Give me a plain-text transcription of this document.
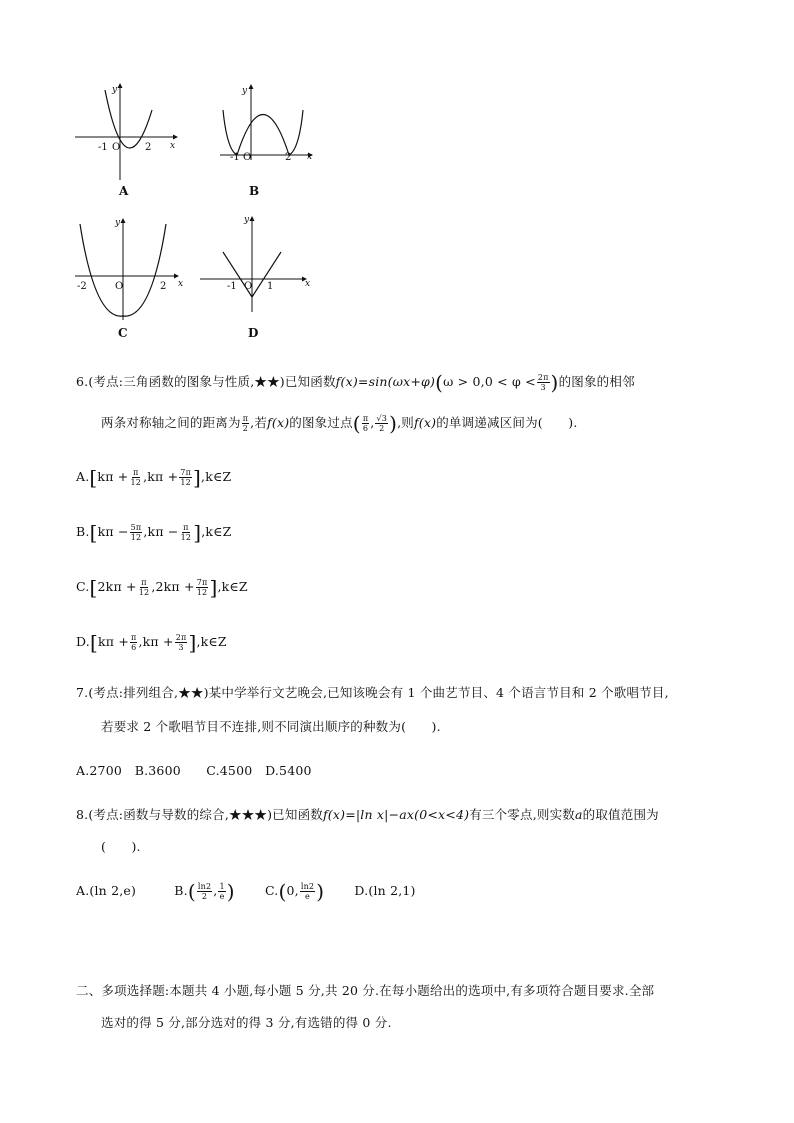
y
x
-1 O 2
A
y
x
-1 O	2
B
y
x
-2	O	2
C
y
x
-1 O 1
D
6.(考点:三角函数的图象与性质,★★)已知函数$f(x)=\sin(\omega x+\varphi)(\omega > 0,0 < \varphi < \frac{2\pi}{3}$ )的图象的相邻
两条对称轴之间的距离为 $\frac{\pi}{2}$ ,若f(x)的图象过点( $\frac{\pi}{6}$ , $\frac{√3}{2}$ ),则f(x)的单调递减区间为(　　).
$A.[k\pi + \frac{\pi}{12} ,k\pi + \frac{7\pi}{12}$ ],k∈Z
$B.[k\pi - \frac{5\pi}{12} ,k\pi - \frac{\pi}{12}$ ],k∈Z
$C.[2k\pi + \frac{\pi}{12} ,2k\pi + \frac{7\pi}{12}$ ],k∈Z
$D.[k\pi + \frac{\pi}{6} ,k\pi + \frac{2\pi}{3}$ ],k∈Z
7.(考点:排列组合,★★)某中学举行文艺晚会,已知该晚会有 1 个曲艺节目、4 个语言节目和 2 个歌唱节目,
若要求 2 个歌唱节目不连排,则不同演出顺序的种数为(　　).
A.2700　B.3600　　C.4500　D.5400
8.(考点:函数与导数的综合,★★★)已知函数f(x)=|ln x|−ax(0<x<4)有三个零点,则实数a的取值范围为
(　　).
A.(ln 2,e)	$B.( \frac{\ln 2}{2}$ , $\frac{1}{e}$ ) C.(0, $\frac{\ln 2}{e}$ ) D.(ln 2,1)
二、多项选择题:本题共 4 小题,每小题 5 分,共 20 分.在每小题给出的选项中,有多项符合题目要求.全部
选对的得 5 分,部分选对的得 3 分,有选错的得 0 分.
